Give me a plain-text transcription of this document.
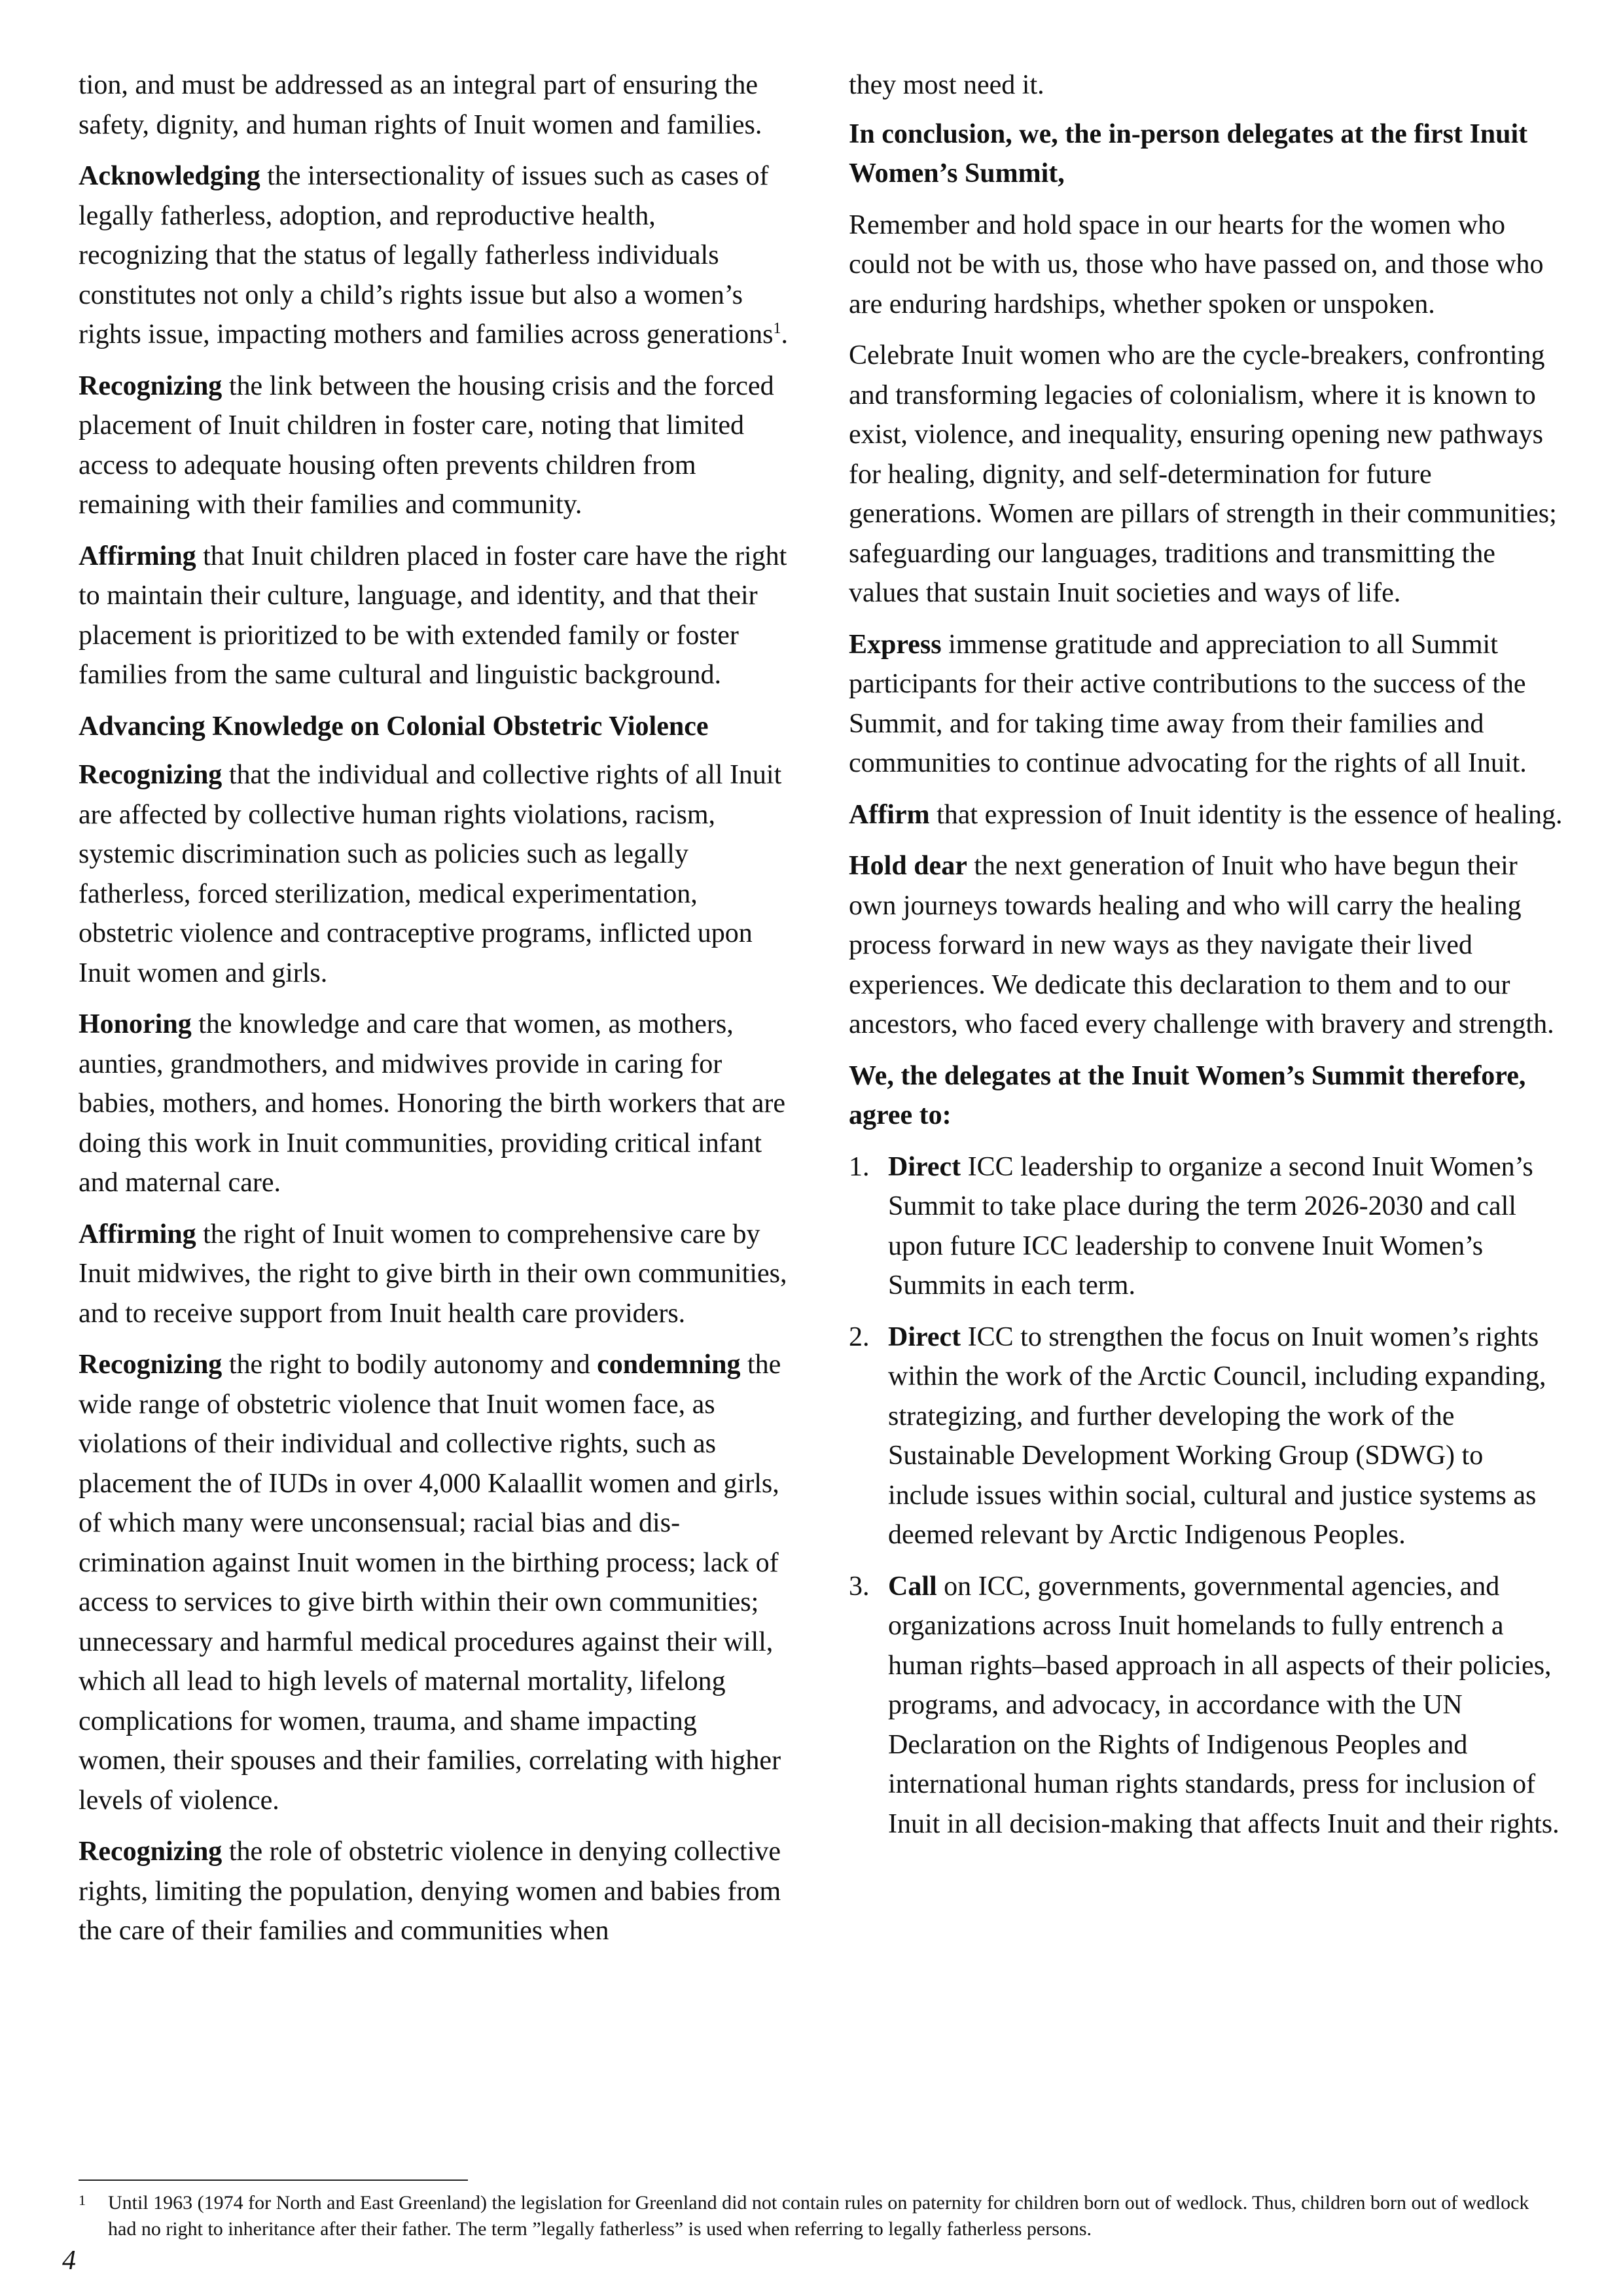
tion, and must be addressed as an integral part of ensuring the safety, dignity, and human rights of Inuit women and families.

Acknowledging the intersectionality of issues such as cases of legally fatherless, adoption, and reproductive health, recognizing that the status of legally fatherless individuals constitutes not only a child’s rights issue but also a women’s rights issue, impacting mothers and families across generations$^1$.

Recognizing the link between the housing crisis and the forced placement of Inuit children in foster care, noting that limited access to adequate housing often prevents children from remaining with their families and community.

Affirming that Inuit children placed in foster care have the right to maintain their culture, language, and identity, and that their placement is prioritized to be with extended family or foster families from the same cultural and linguistic background.

Advancing Knowledge on Colonial Obstetric Violence

Recognizing that the individual and collective rights of all Inuit are affected by collective human rights violations, racism, systemic discrimination such as policies such as legally fatherless, forced sterilization, medical experimentation, obstetric violence and contraceptive programs, inflicted upon Inuit women and girls.

Honoring the knowledge and care that women, as mothers, aunties, grandmothers, and midwives provide in caring for babies, mothers, and homes. Honoring the birth workers that are doing this work in Inuit communities, providing critical infant and maternal care.

Affirming the right of Inuit women to comprehensive care by Inuit midwives, the right to give birth in their own communities, and to receive support from Inuit health care providers.

Recognizing the right to bodily autonomy and condemning the wide range of obstetric violence that Inuit women face, as violations of their individual and collective rights, such as placement the of IUDs in over 4,000 Kalaallit women and girls, of which many were unconsensual; racial bias and discrimination against Inuit women in the birthing process; lack of access to services to give birth within their own communities; unnecessary and harmful medical procedures against their will, which all lead to high levels of maternal mortality, lifelong complications for women, trauma, and shame impacting women, their spouses and their families, correlating with higher levels of violence.

Recognizing the role of obstetric violence in denying collective rights, limiting the population, denying women and babies from the care of their families and communities when

they most need it.

In conclusion, we, the in-person delegates at the first Inuit Women’s Summit,

Remember and hold space in our hearts for the women who could not be with us, those who have passed on, and those who are enduring hardships, whether spoken or unspoken.

Celebrate Inuit women who are the cycle-breakers, confronting and transforming legacies of colonialism, where it is known to exist, violence, and inequality, ensuring opening new pathways for healing, dignity, and self-determination for future generations. Women are pillars of strength in their communities; safeguarding our languages, traditions and transmitting the values that sustain Inuit societies and ways of life.

Express immense gratitude and appreciation to all Summit participants for their active contributions to the success of the Summit, and for taking time away from their families and communities to continue advocating for the rights of all Inuit.

Affirm that expression of Inuit identity is the essence of healing.

Hold dear the next generation of Inuit who have begun their own journeys towards healing and who will carry the healing process forward in new ways as they navigate their lived experiences. We dedicate this declaration to them and to our ancestors, who faced every challenge with bravery and strength.

We, the delegates at the Inuit Women’s Summit therefore, agree to:

1. Direct ICC leadership to organize a second Inuit Women’s Summit to take place during the term 2026-2030 and call upon future ICC leadership to convene Inuit Women’s Summits in each term.
2. Direct ICC to strengthen the focus on Inuit women’s rights within the work of the Arctic Council, including expanding, strategizing, and further developing the work of the Sustainable Development Working Group (SDWG) to include issues within social, cultural and justice systems as deemed relevant by Arctic Indigenous Peoples.
3. Call on ICC, governments, governmental agencies, and organizations across Inuit homelands to fully entrench a human rights–based approach in all aspects of their policies, programs, and advocacy, in accordance with the UN Declaration on the Rights of Indigenous Peoples and international human rights standards, press for inclusion of Inuit in all decision-making that affects Inuit and their rights.
1 Until 1963 (1974 for North and East Greenland) the legislation for Greenland did not contain rules on paternity for children born out of wedlock. Thus, children born out of wedlock had no right to inheritance after their father. The term ”legally fatherless” is used when referring to legally fatherless persons.
4
